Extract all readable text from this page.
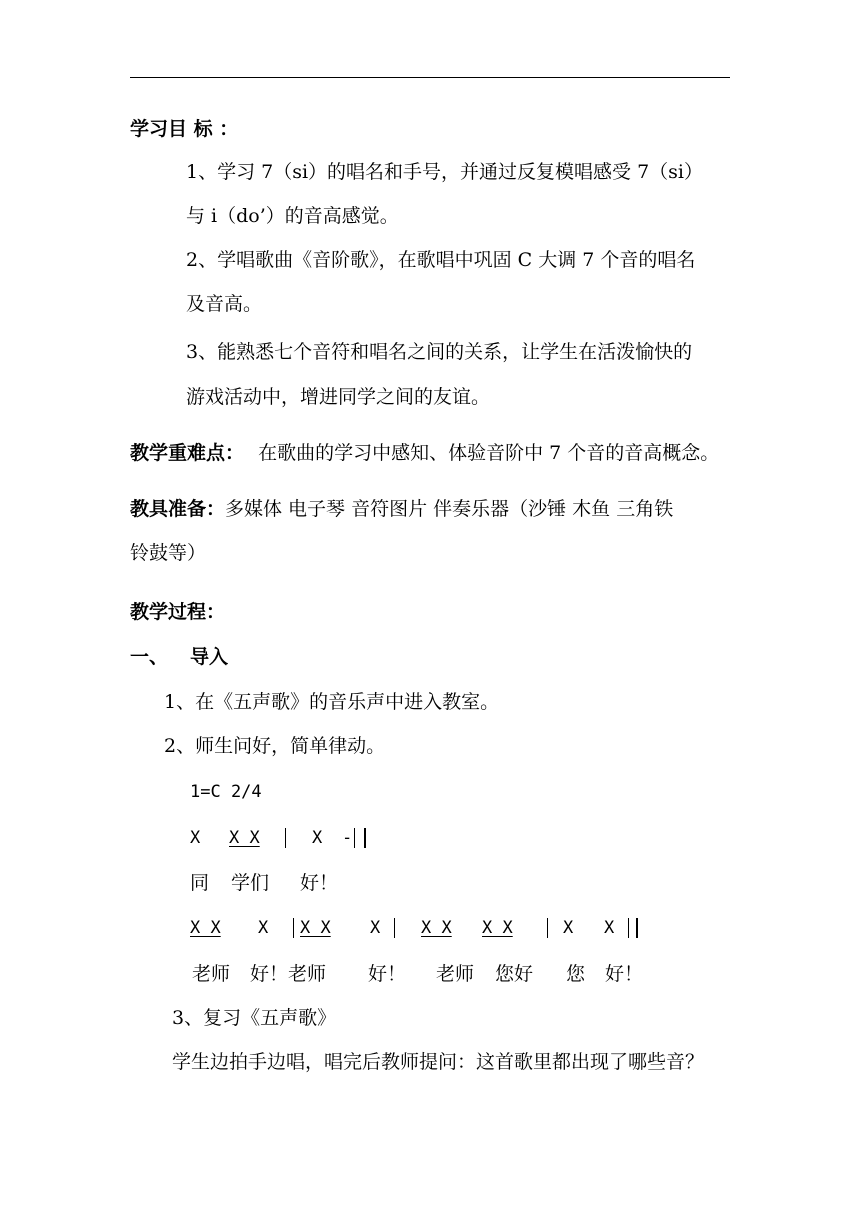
学习目 标 ：
1、学习 7（si）的唱名和手号，并通过反复模唱感受 7（si）
与 i（do’）的音高感觉。
2、学唱歌曲《音阶歌》，在歌唱中巩固 C 大调 7 个音的唱名
及音高。
3、能熟悉七个音符和唱名之间的关系，让学生在活泼愉快的
游戏活动中，增进同学之间的友谊。
教学重难点： 在歌曲的学习中感知、体验音阶中 7 个音的音高概念。
教具准备：多媒体 电子琴 音符图片 伴奏乐器（沙锤 木鱼 三角铁
铃鼓等）
教学过程：
一、 导入
1、在《五声歌》的音乐声中进入教室。
2、师生问好，简单律动。
1=C 2/4
X X X	X -
同 学们 好！
X X X X X X X X X X	X X
老师 好！老师 好！ 老师 您好 您 好！
3、复习《五声歌》
学生边拍手边唱，唱完后教师提问：这首歌里都出现了哪些音？
